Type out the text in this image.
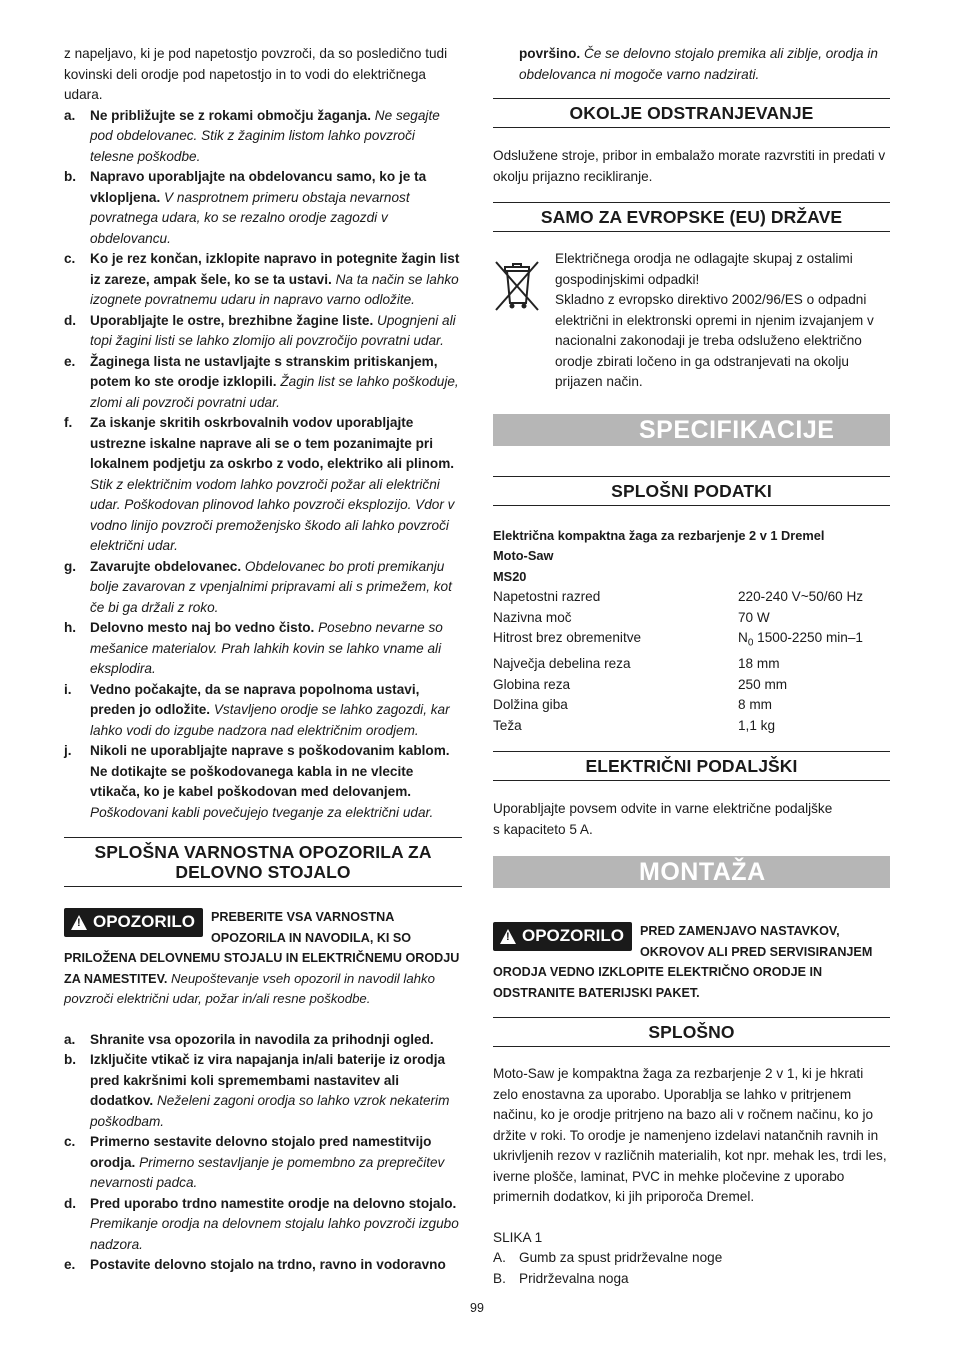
z napeljavo, ki je pod napetostjo povzroči, da so posledično tudi kovinski deli orodje pod napetostjo in to vodi do električnega udara.

a.	Ne približujte se z rokami območju žaganja. Ne segajte pod obdelovanec. Stik z žaginim listom lahko povzroči telesne poškodbe.
b.	Napravo uporabljajte na obdelovancu samo, ko je ta vklopljena. V nasprotnem primeru obstaja nevarnost povratnega udara, ko se rezalno orodje zagozdi v obdelovancu.
c.	Ko je rez končan, izklopite napravo in potegnite žagin list iz zareze, ampak šele, ko se ta ustavi. Na ta način se lahko izognete povratnemu udaru in napravo varno odložite.
d.	Uporabljajte le ostre, brezhibne žagine liste. Upognjeni ali topi žagini listi se lahko zlomijo ali povzročijo povratni udar.
e.	Žaginega lista ne ustavljajte s stranskim pritiskanjem, potem ko ste orodje izklopili. Žagin list se lahko poškoduje, zlomi ali povzroči povratni udar.
f.	Za iskanje skritih oskrbovalnih vodov uporabljajte ustrezne iskalne naprave ali se o tem pozanimajte pri lokalnem podjetju za oskrbo z vodo, elektriko ali plinom. Stik z električnim vodom lahko povzroči požar ali električni udar. Poškodovan plinovod lahko povzroči eksplozijo. Vdor v vodno linijo povzroči premoženjsko škodo ali lahko povzroči električni udar.
g.	Zavarujte obdelovanec. Obdelovanec bo proti premikanju bolje zavarovan z vpenjalnimi pripravami ali s primežem, kot če bi ga držali z roko.
h.	Delovno mesto naj bo vedno čisto. Posebno nevarne so mešanice materialov. Prah lahkih kovin se lahko vname ali eksplodira.
i.	Vedno počakajte, da se naprava popolnoma ustavi, preden jo odložite. Vstavljeno orodje se lahko zagozdi, kar lahko vodi do izgube nadzora nad električnim orodjem.
j.	Nikoli ne uporabljajte naprave s poškodovanim kablom. Ne dotikajte se poškodovanega kabla in ne vlecite vtikača, ko je kabel poškodovan med delovanjem. Poškodovani kabli povečujejo tveganje za električni udar.
SPLOŠNA VARNOSTNA OPOZORILA ZA
DELOVNO STOJALO
! OPOZORILO PREBERITE VSA VARNOSTNA OPOZORILA IN NAVODILA, KI SO PRILOŽENA DELOVNEMU STOJALU IN ELEKTRIČNEMU ORODJU ZA NAMESTITEV. Neupoštevanje vseh opozoril in navodil lahko povzroči električni udar, požar in/ali resne poškodbe.
a.	Shranite vsa opozorila in navodila za prihodnji ogled.
b.	Izključite vtikač iz vira napajanja in/ali baterije iz orodja pred kakršnimi koli spremembami nastavitev ali dodatkov. Neželeni zagoni orodja so lahko vzrok nekaterim poškodbam.
c.	Primerno sestavite delovno stojalo pred namestitvijo orodja. Primerno sestavljanje je pomembno za preprečitev nevarnosti padca.
d.	Pred uporabo trdno namestite orodje na delovno stojalo. Premikanje orodja na delovnem stojalu lahko povzroči izgubo nadzora.
e.	Postavite delovno stojalo na trdno, ravno in vodoravno
površino. Če se delovno stojalo premika ali ziblje, orodja in obdelovanca ni mogoče varno nadzirati.
OKOLJE ODSTRANJEVANJE

Odslužene stroje, pribor in embalažo morate razvrstiti in predati v okolju prijazno recikliranje.

SAMO ZA EVROPSKE (EU) DRŽAVE

Električnega orodja ne odlagajte skupaj z ostalimi gospodinjskimi odpadki!

Skladno z evropsko direktivo 2002/96/ES o odpadni električni in elektronski opremi in njenim izvajanjem v nacionalni zakonodaji je treba odsluženo električno orodje zbirati ločeno in ga odstranjevati na okolju prijazen način.

SPECIFIKACIJE
SPLOŠNI PODATKI

Električna kompaktna žaga za rezbarjenje 2 v 1 Dremel

Moto-Saw

MS20

Napetostni razred	220-240 V~50/60 Hz
Nazivna moč	70 W
Hitrost brez obremenitve	$N_0$ 1500-2250 min–1
Največja debelina reza	18 mm
Globina reza	250 mm
Dolžina giba	8 mm
Teža	1,1 kg
ELEKTRIČNI PODALJŠKI

Uporabljajte povsem odvite in varne električne podaljške

s kapaciteto 5 A.

MONTAŽA
! OPOZORILO PRED ZAMENJAVO NASTAVKOV, OKROVOV ALI PRED SERVISIRANJEM ORODJA VEDNO IZKLOPITE ELEKTRIČNO ORODJE IN ODSTRANITE BATERIJSKI PAKET.
SPLOŠNO

Moto-Saw je kompaktna žaga za rezbarjenje 2 v 1, ki je hkrati zelo enostavna za uporabo. Uporablja se lahko v pritrjenem načinu, ko je orodje pritrjeno na bazo ali v ročnem načinu, ko jo držite v roki. To orodje je namenjeno izdelavi natančnih ravnih in ukrivljenih rezov v različnih materialih, kot npr. mehak les, trdi les, iverne plošče, laminat, PVC in mehke pločevine z uporabo primernih dodatkov, ki jih priporoča Dremel.

SLIKA 1

A. Gumb za spust pridrževalne noge
B. Pridrževalna noga
99
